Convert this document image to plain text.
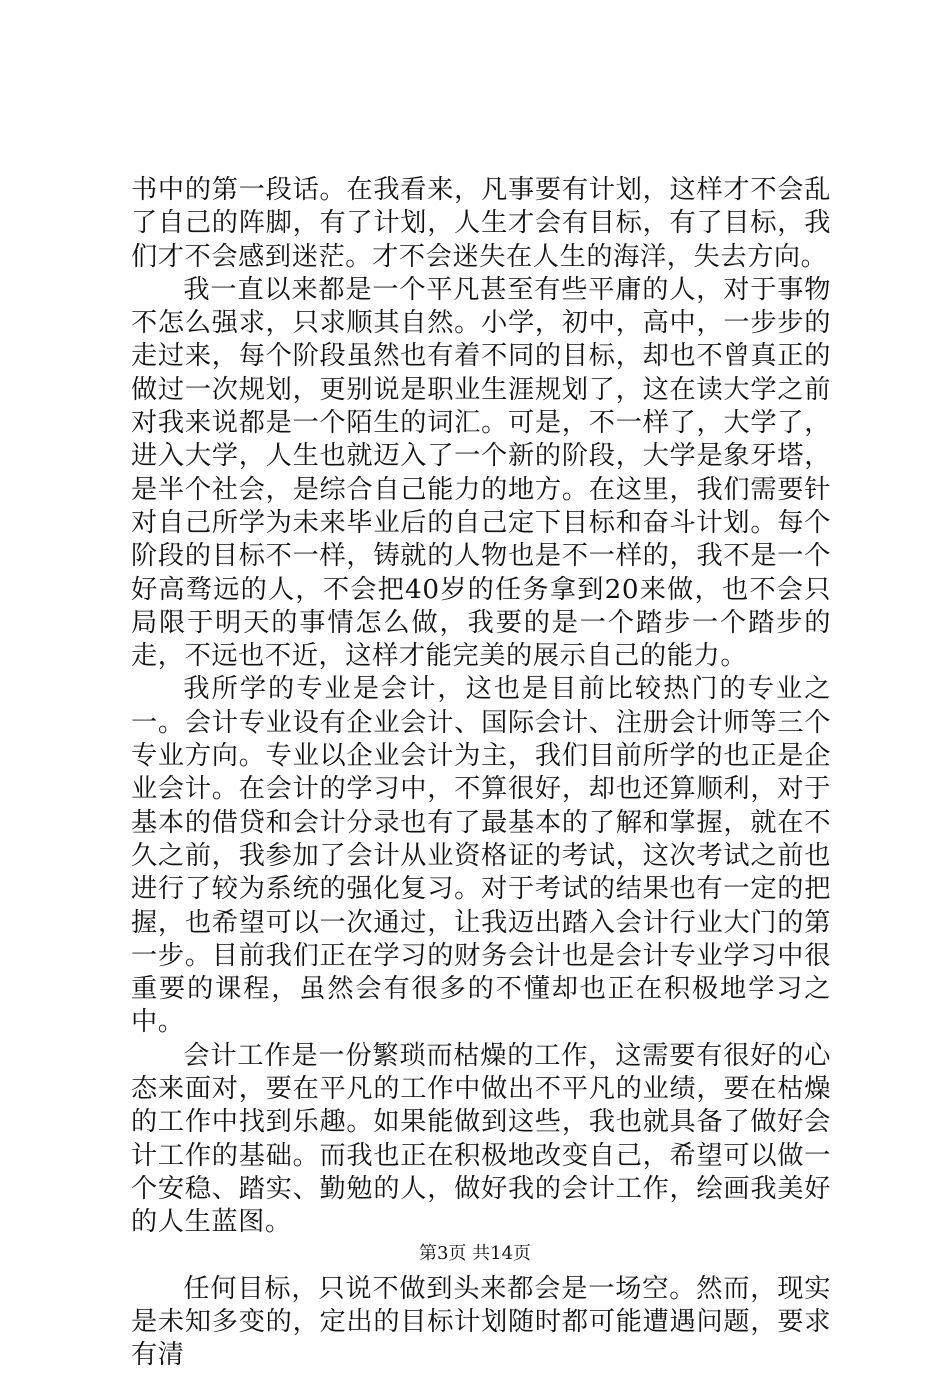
书中的第一段话。在我看来，凡事要有计划，这样才不会乱了自己的阵脚，有了计划，人生才会有目标，有了目标，我们才不会感到迷茫。才不会迷失在人生的海洋，失去方向。

我一直以来都是一个平凡甚至有些平庸的人，对于事物不怎么强求，只求顺其自然。小学，初中，高中，一步步的走过来，每个阶段虽然也有着不同的目标，却也不曾真正的做过一次规划，更别说是职业生涯规划了，这在读大学之前对我来说都是一个陌生的词汇。可是，不一样了，大学了，进入大学，人生也就迈入了一个新的阶段，大学是象牙塔，是半个社会，是综合自己能力的地方。在这里，我们需要针对自己所学为未来毕业后的自己定下目标和奋斗计划。每个阶段的目标不一样，铸就的人物也是不一样的，我不是一个好高骛远的人，不会把40岁的任务拿到20来做，也不会只局限于明天的事情怎么做，我要的是一个踏步一个踏步的走，不远也不近，这样才能完美的展示自己的能力。

我所学的专业是会计，这也是目前比较热门的专业之一。会计专业设有企业会计、国际会计、注册会计师等三个专业方向。专业以企业会计为主，我们目前所学的也正是企业会计。在会计的学习中，不算很好，却也还算顺利，对于基本的借贷和会计分录也有了最基本的了解和掌握，就在不久之前，我参加了会计从业资格证的考试，这次考试之前也进行了较为系统的强化复习。对于考试的结果也有一定的把握，也希望可以一次通过，让我迈出踏入会计行业大门的第一步。目前我们正在学习的财务会计也是会计专业学习中很重要的课程，虽然会有很多的不懂却也正在积极地学习之中。

会计工作是一份繁琐而枯燥的工作，这需要有很好的心态来面对，要在平凡的工作中做出不平凡的业绩，要在枯燥的工作中找到乐趣。如果能做到这些，我也就具备了做好会计工作的基础。而我也正在积极地改变自己，希望可以做一个安稳、踏实、勤勉的人，做好我的会计工作，绘画我美好的人生蓝图。

任何目标，只说不做到头来都会是一场空。然而，现实是未知多变的，定出的目标计划随时都可能遭遇问题，要求有清

第3页 共14页
